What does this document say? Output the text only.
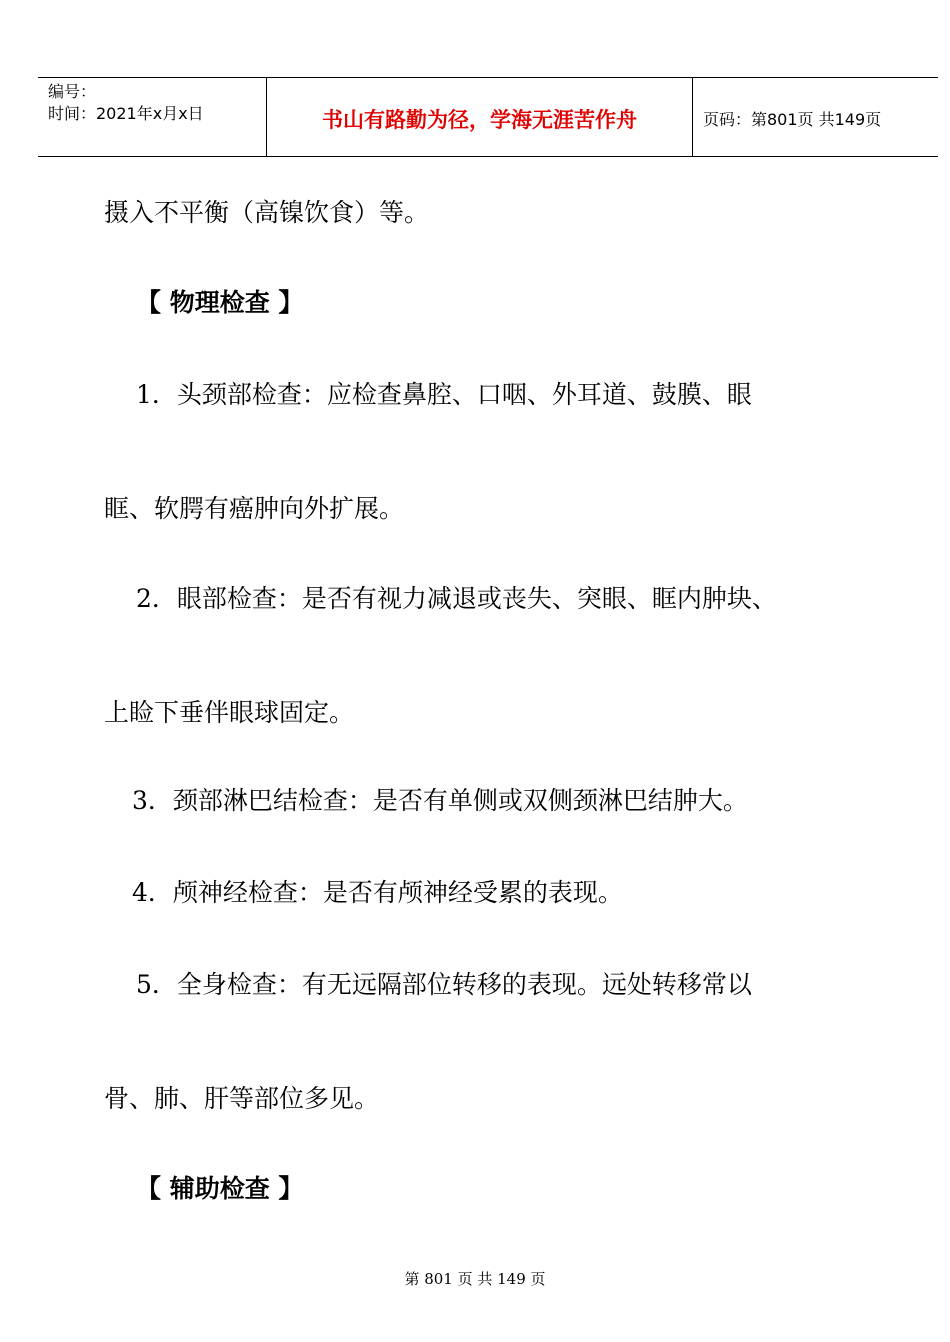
编号：
时间：2021年x月x日	书山有路勤为径，学海无涯苦作舟	页码：第801页 共149页
摄入不平衡（高镍饮食）等。
【 物理检查 】
1．头颈部检查：应检查鼻腔、口咽、外耳道、鼓膜、眼
眶、软腭有癌肿向外扩展。
2．眼部检查：是否有视力减退或丧失、突眼、眶内肿块、
上睑下垂伴眼球固定。
3．颈部淋巴结检查：是否有单侧或双侧颈淋巴结肿大。
4．颅神经检查：是否有颅神经受累的表现。
5．全身检查：有无远隔部位转移的表现。远处转移常以
骨、肺、肝等部位多见。
【 辅助检查 】
第 801 页 共 149 页
